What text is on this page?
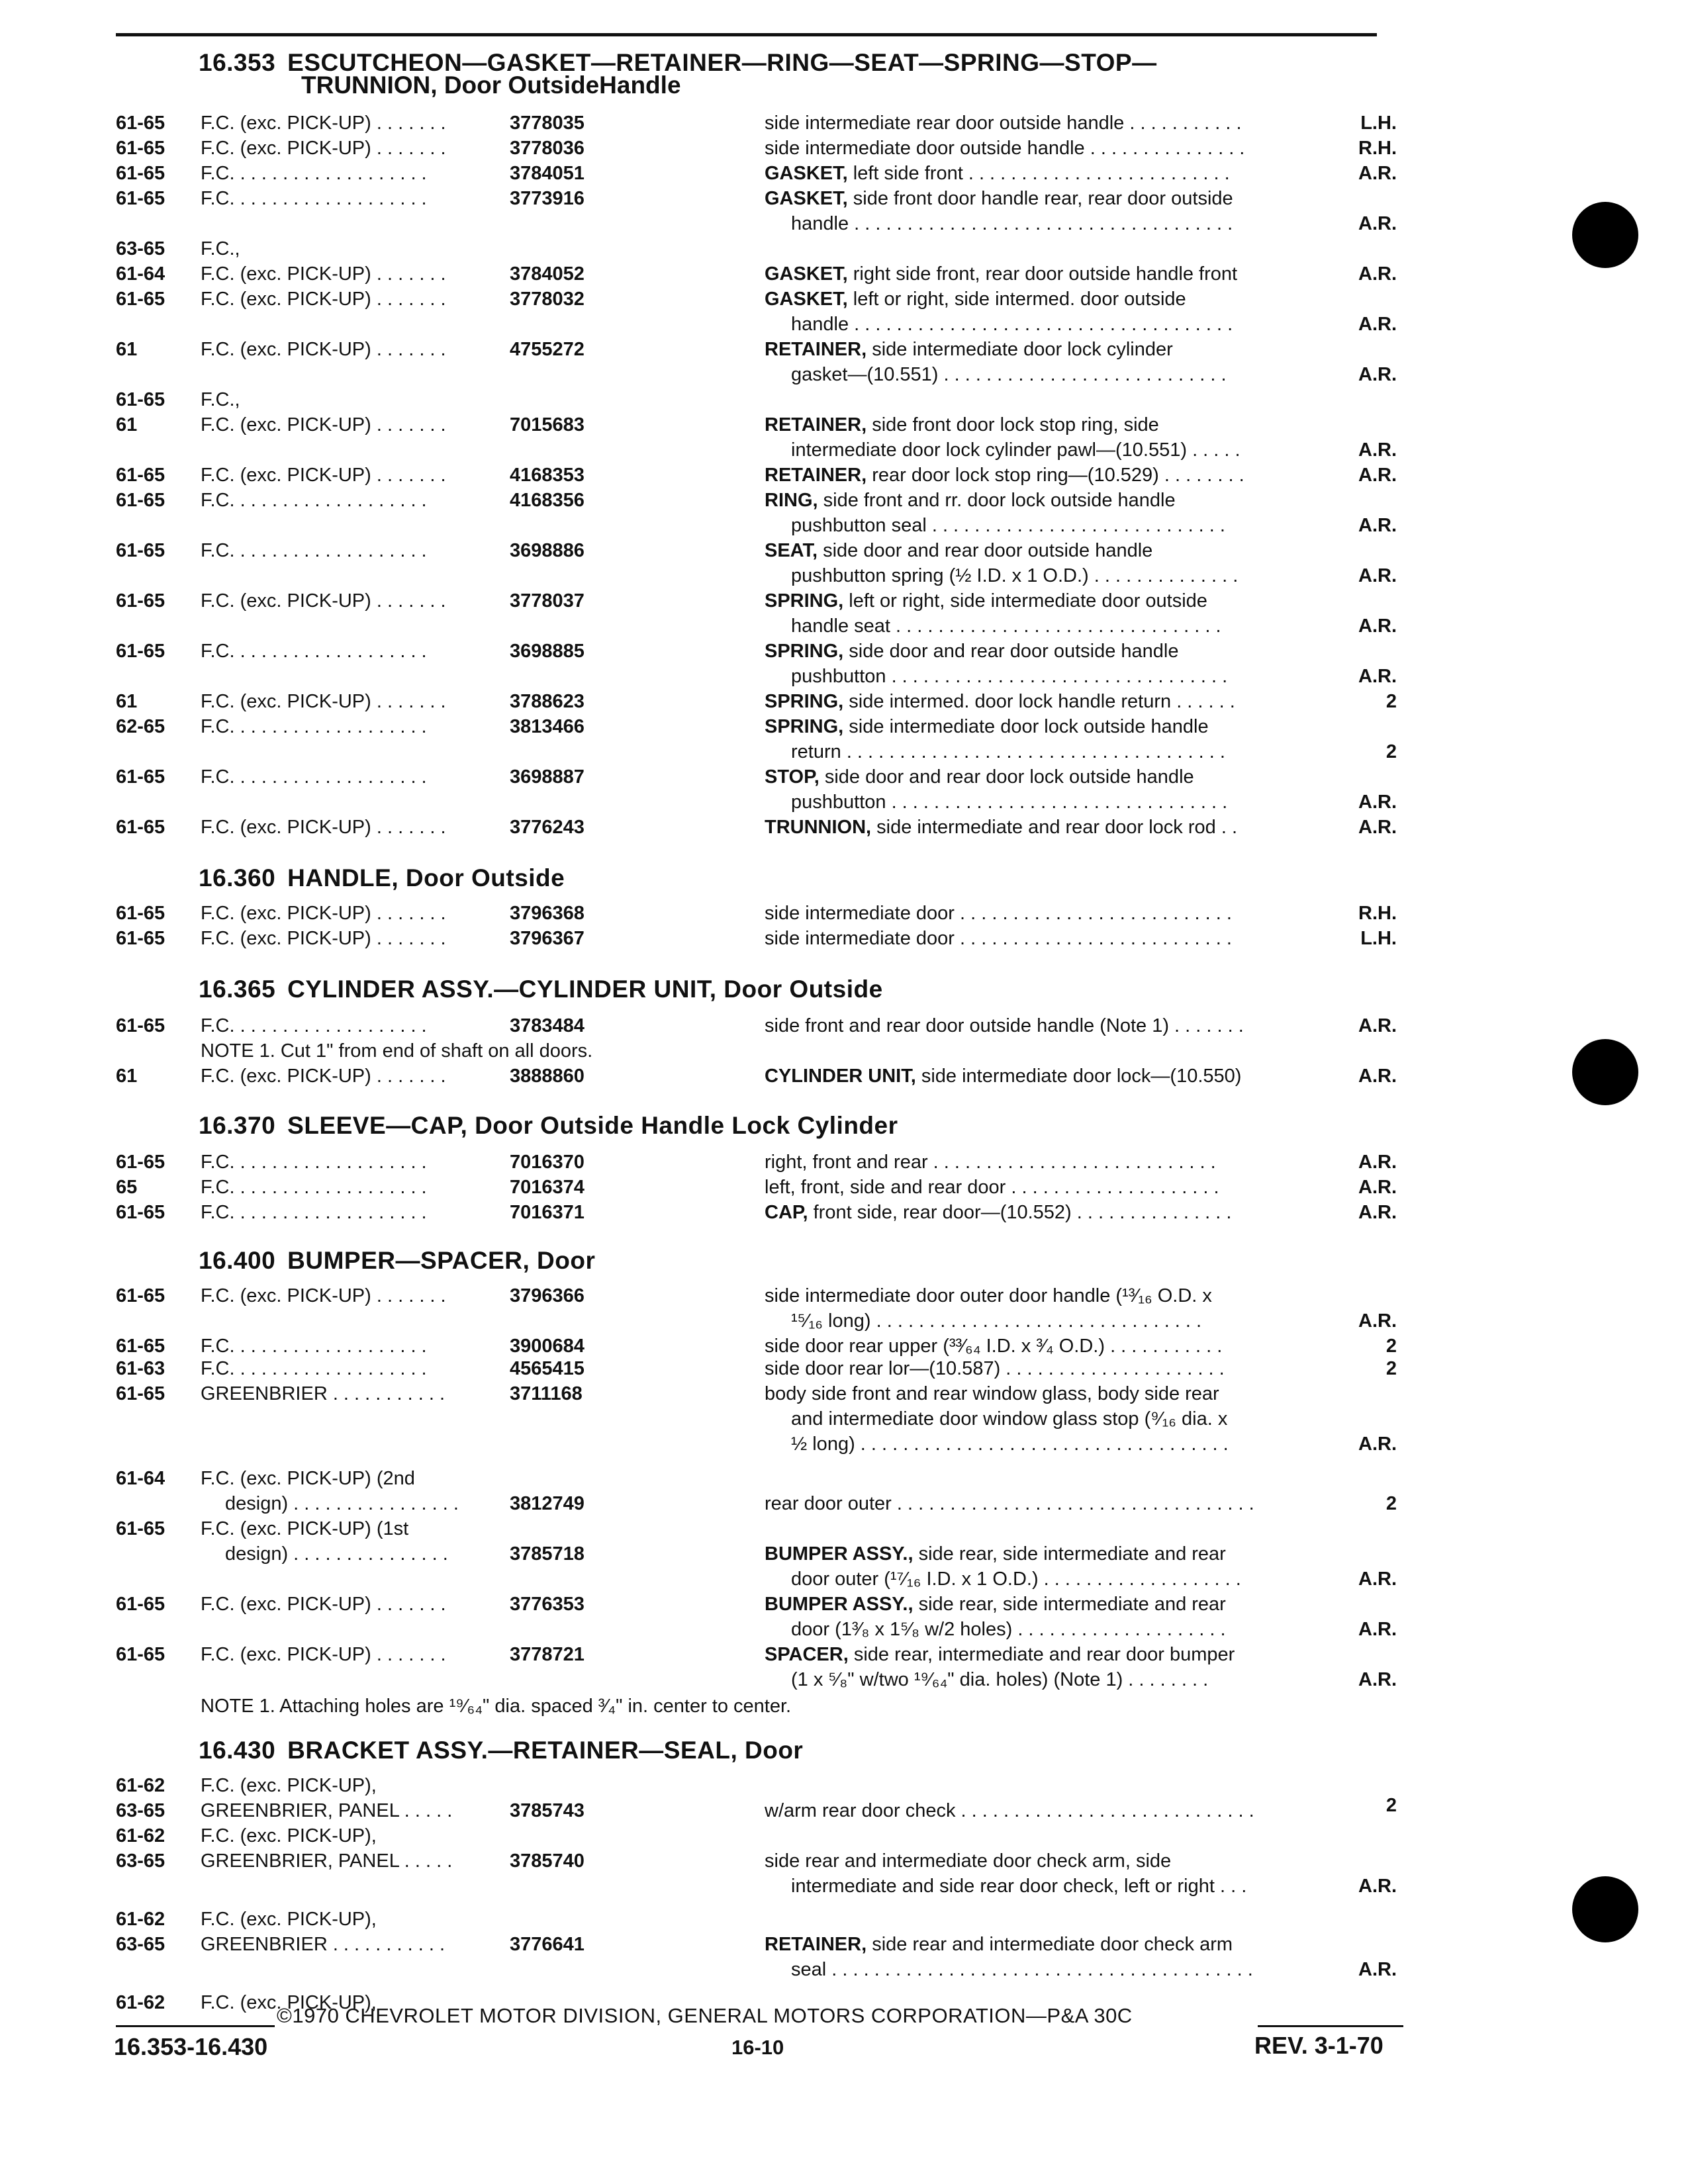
16.353 ESCUTCHEON—GASKET—RETAINER—RING—SEAT—SPRING—STOP—
TRUNNION, Door OutsideHandle
61-65 F.C. (exc. PICK-UP) . . . . . . .	3778035	side intermediate rear door outside handle . . . . . . . . . . .	L.H.
61-65 F.C. (exc. PICK-UP) . . . . . . .	3778036	side intermediate door outside handle . . . . . . . . . . . . . . .	R.H.
61-65 F.C. . . . . . . . . . . . . . . . . . .	3784051	GASKET, left side front . . . . . . . . . . . . . . . . . . . . . . . . .	A.R.
61-65 F.C. . . . . . . . . . . . . . . . . . .	3773916	GASKET, side front door handle rear, rear door outside
handle . . . . . . . . . . . . . . . . . . . . . . . . . . . . . . . . . . . .	A.R.
63-65 F.C.,
61-64 F.C. (exc. PICK-UP) . . . . . . .	3784052	GASKET, right side front, rear door outside handle front	A.R.
61-65 F.C. (exc. PICK-UP) . . . . . . .	3778032	GASKET, left or right, side intermed. door outside
handle . . . . . . . . . . . . . . . . . . . . . . . . . . . . . . . . . . . .	A.R.
61	F.C. (exc. PICK-UP) . . . . . . .	4755272	RETAINER, side intermediate door lock cylinder
gasket—(10.551) . . . . . . . . . . . . . . . . . . . . . . . . . . .	A.R.
61-65 F.C.,
61	F.C. (exc. PICK-UP) . . . . . . .	7015683	RETAINER, side front door lock stop ring, side
intermediate door lock cylinder pawl—(10.551) . . . . .	A.R.
61-65 F.C. (exc. PICK-UP) . . . . . . .	4168353	RETAINER, rear door lock stop ring—(10.529) . . . . . . . .	A.R.
61-65 F.C. . . . . . . . . . . . . . . . . . .	4168356	RING, side front and rr. door lock outside handle
pushbutton seal . . . . . . . . . . . . . . . . . . . . . . . . . . . .	A.R.
61-65 F.C. . . . . . . . . . . . . . . . . . .	3698886	SEAT, side door and rear door outside handle
pushbutton spring (½ I.D. x 1 O.D.) . . . . . . . . . . . . . .	A.R.
61-65 F.C. (exc. PICK-UP) . . . . . . .	3778037	SPRING, left or right, side intermediate door outside
handle seat . . . . . . . . . . . . . . . . . . . . . . . . . . . . . . .	A.R.
61-65 F.C. . . . . . . . . . . . . . . . . . .	3698885	SPRING, side door and rear door outside handle
pushbutton . . . . . . . . . . . . . . . . . . . . . . . . . . . . . . . .	A.R.
61	F.C. (exc. PICK-UP) . . . . . . .	3788623	SPRING, side intermed. door lock handle return . . . . . .	2
62-65 F.C. . . . . . . . . . . . . . . . . . .	3813466	SPRING, side intermediate door lock outside handle
return . . . . . . . . . . . . . . . . . . . . . . . . . . . . . . . . . . . .	2
61-65 F.C. . . . . . . . . . . . . . . . . . .	3698887	STOP, side door and rear door lock outside handle
pushbutton . . . . . . . . . . . . . . . . . . . . . . . . . . . . . . . .	A.R.
61-65 F.C. (exc. PICK-UP) . . . . . . .	3776243	TRUNNION, side intermediate and rear door lock rod . .	A.R.
16.360 HANDLE, Door Outside
61-65 F.C. (exc. PICK-UP) . . . . . . .	3796368	side intermediate door . . . . . . . . . . . . . . . . . . . . . . . . . .	R.H.
61-65 F.C. (exc. PICK-UP) . . . . . . .	3796367	side intermediate door . . . . . . . . . . . . . . . . . . . . . . . . . .	L.H.
16.365 CYLINDER ASSY.—CYLINDER UNIT, Door Outside
61-65 F.C. . . . . . . . . . . . . . . . . . .	3783484	side front and rear door outside handle (Note 1) . . . . . . .	A.R.
NOTE 1. Cut 1" from end of shaft on all doors.
61	F.C. (exc. PICK-UP) . . . . . . .	3888860	CYLINDER UNIT, side intermediate door lock—(10.550)	A.R.
16.370 SLEEVE—CAP, Door Outside Handle Lock Cylinder
61-65 F.C. . . . . . . . . . . . . . . . . . .	7016370	right, front and rear . . . . . . . . . . . . . . . . . . . . . . . . . . .	A.R.
65	F.C. . . . . . . . . . . . . . . . . . .	7016374	left, front, side and rear door . . . . . . . . . . . . . . . . . . . .	A.R.
61-65 F.C. . . . . . . . . . . . . . . . . . .	7016371	CAP, front side, rear door—(10.552) . . . . . . . . . . . . . . .	A.R.
16.400 BUMPER—SPACER, Door
61-65 F.C. (exc. PICK-UP) . . . . . . .	3796366	side intermediate door outer door handle (¹³⁄₁₆ O.D. x
¹⁵⁄₁₆ long) . . . . . . . . . . . . . . . . . . . . . . . . . . . . . . .	A.R.
61-65 F.C. . . . . . . . . . . . . . . . . . .	3900684	side door rear upper (³³⁄₆₄ I.D. x ³⁄₄ O.D.) . . . . . . . . . . .	2
61-63 F.C. . . . . . . . . . . . . . . . . . .	4565415	side door rear lor—(10.587) . . . . . . . . . . . . . . . . . . . . .	2
61-65 GREENBRIER . . . . . . . . . . .	3711168	body side front and rear window glass, body side rear
and intermediate door window glass stop (⁹⁄₁₆ dia. x
½ long) . . . . . . . . . . . . . . . . . . . . . . . . . . . . . . . . . . .	A.R.
61-64 F.C. (exc. PICK-UP) (2nd
design) . . . . . . . . . . . . . . . .	3812749	rear door outer . . . . . . . . . . . . . . . . . . . . . . . . . . . . . . . . . .	2
61-65 F.C. (exc. PICK-UP) (1st
design) . . . . . . . . . . . . . . .	3785718	BUMPER ASSY., side rear, side intermediate and rear
door outer (¹⁷⁄₁₆ I.D. x 1 O.D.) . . . . . . . . . . . . . . . . . . .	A.R.
61-65 F.C. (exc. PICK-UP) . . . . . . .	3776353	BUMPER ASSY., side rear, side intermediate and rear
door (1³⁄₈ x 1⁵⁄₈ w/2 holes) . . . . . . . . . . . . . . . . . . . .	A.R.
61-65 F.C. (exc. PICK-UP) . . . . . . .	3778721	SPACER, side rear, intermediate and rear door bumper
(1 x ⁵⁄₈" w/two ¹⁹⁄₆₄" dia. holes) (Note 1) . . . . . . . .	A.R.
NOTE 1. Attaching holes are ¹⁹⁄₆₄" dia. spaced ³⁄₄" in. center to center.
16.430 BRACKET ASSY.—RETAINER—SEAL, Door
61-62 F.C. (exc. PICK-UP),
63-65 GREENBRIER, PANEL . . . . .	3785743	w/arm rear door check . . . . . . . . . . . . . . . . . . . . . . . . . . . .	2
61-62 F.C. (exc. PICK-UP),
63-65 GREENBRIER, PANEL . . . . .	3785740	side rear and intermediate door check arm, side
intermediate and side rear door check, left or right . . .	A.R.
61-62 F.C. (exc. PICK-UP),
63-65 GREENBRIER . . . . . . . . . . .	3776641	RETAINER, side rear and intermediate door check arm
seal . . . . . . . . . . . . . . . . . . . . . . . . . . . . . . . . . . . . . . . .	A.R.
61-62 F.C. (exc. PICK-UP),
©1970 CHEVROLET MOTOR DIVISION, GENERAL MOTORS CORPORATION—P&A 30C
16.353-16.430	16-10	REV. 3-1-70
